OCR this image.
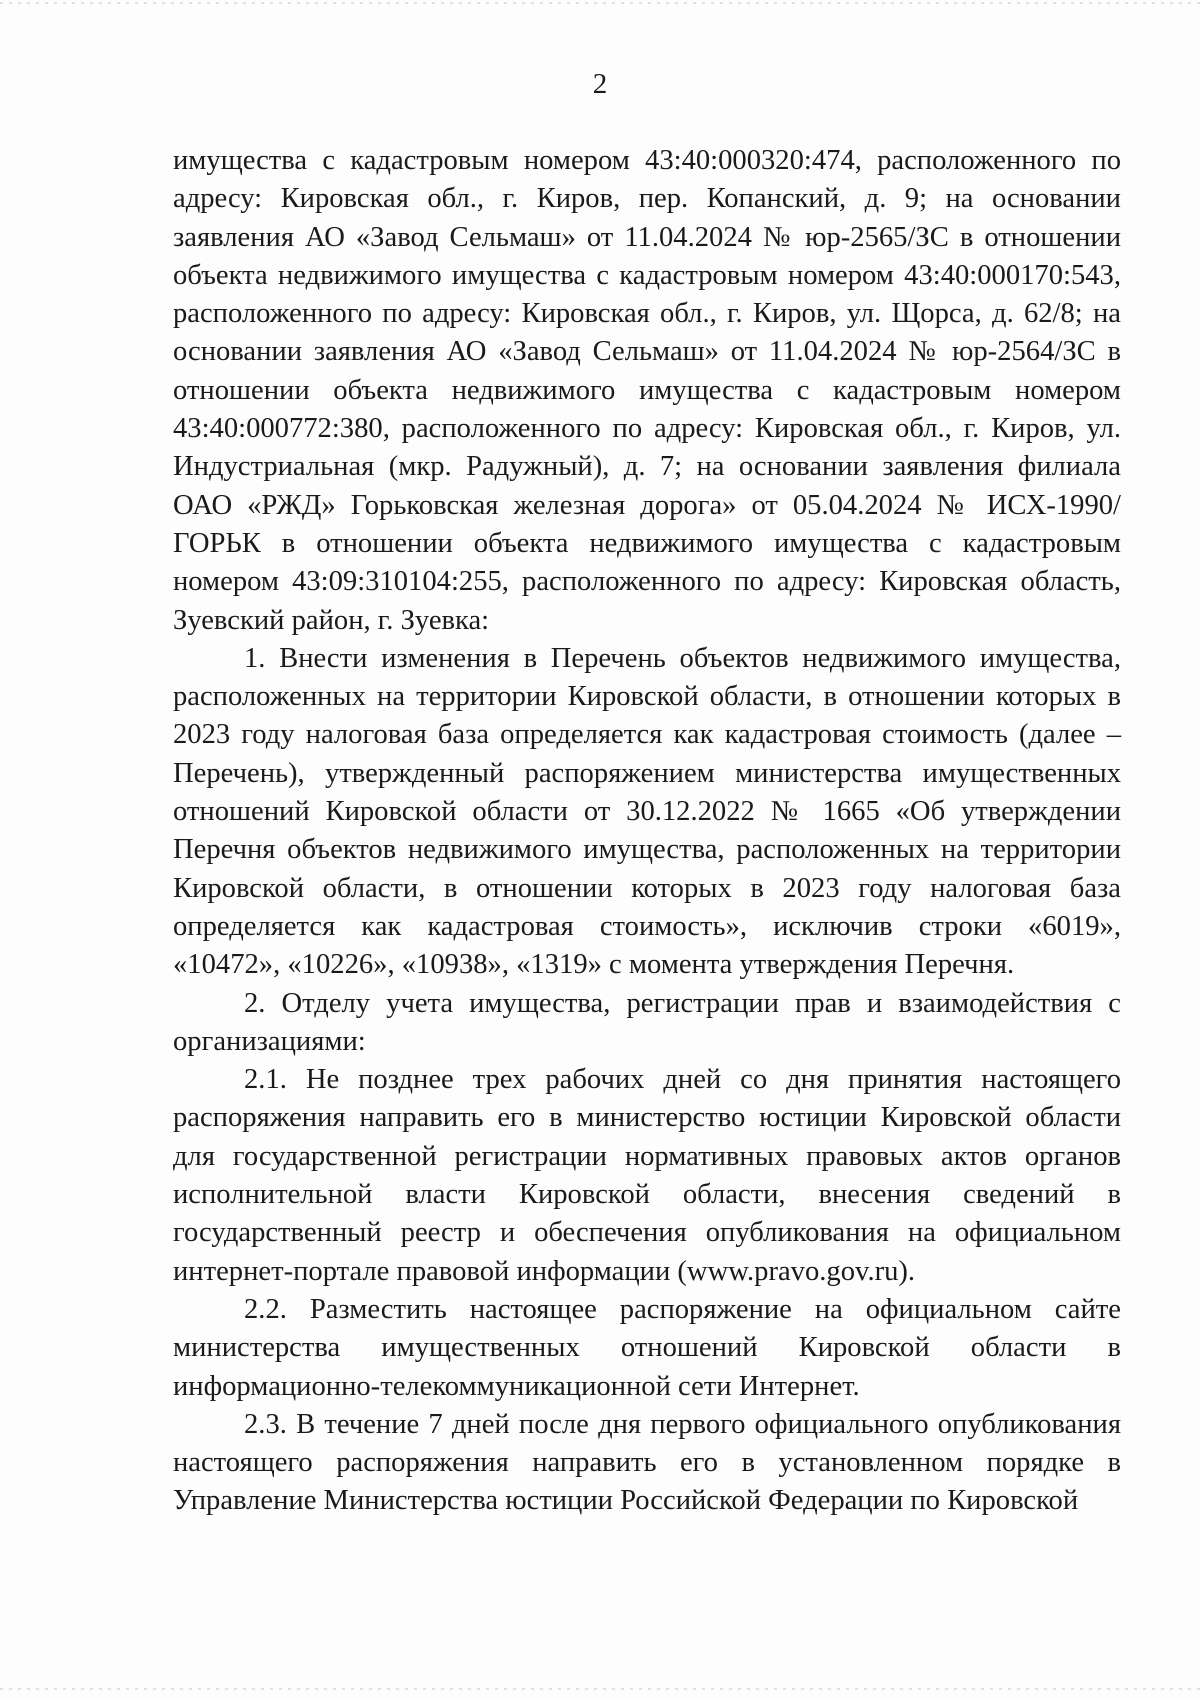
2

имущества с кадастровым номером 43:40:000320:474, расположенного по адресу: Кировская обл., г. Киров, пер. Копанский, д. 9; на основании заявления АО «Завод Сельмаш» от 11.04.2024 № юр-2565/ЗС в отношении объекта недвижимого имущества с кадастровым номером 43:40:000170:543, расположенного по адресу: Кировская обл., г. Киров, ул. Щорса, д. 62/8; на основании заявления АО «Завод Сельмаш» от 11.04.2024 № юр-2564/ЗС в отношении объекта недвижимого имущества с кадастровым номером 43:40:000772:380, расположенного по адресу: Кировская обл., г. Киров, ул. Индустриальная (мкр. Радужный), д. 7; на основании заявления филиала ОАО «РЖД» Горьковская железная дорога» от 05.04.2024 № ИСХ-1990/ГОРЬК в отношении объекта недвижимого имущества с кадастровым номером 43:09:310104:255, расположенного по адресу: Кировская область, Зуевский район, г. Зуевка:

1. Внести изменения в Перечень объектов недвижимого имущества, расположенных на территории Кировской области, в отношении которых в 2023 году налоговая база определяется как кадастровая стоимость (далее – Перечень), утвержденный распоряжением министерства имущественных отношений Кировской области от 30.12.2022 № 1665 «Об утверждении Перечня объектов недвижимого имущества, расположенных на территории Кировской области, в отношении которых в 2023 году налоговая база определяется как кадастровая стоимость», исключив строки «6019», «10472», «10226», «10938», «1319» с момента утверждения Перечня.

2. Отделу учета имущества, регистрации прав и взаимодействия с организациями:

2.1. Не позднее трех рабочих дней со дня принятия настоящего распоряжения направить его в министерство юстиции Кировской области для государственной регистрации нормативных правовых актов органов исполнительной власти Кировской области, внесения сведений в государственный реестр и обеспечения опубликования на официальном интернет-портале правовой информации (www.pravo.gov.ru).

2.2. Разместить настоящее распоряжение на официальном сайте министерства имущественных отношений Кировской области в информационно-телекоммуникационной сети Интернет.

2.3. В течение 7 дней после дня первого официального опубликования настоящего распоряжения направить его в установленном порядке в Управление Министерства юстиции Российской Федерации по Кировской
